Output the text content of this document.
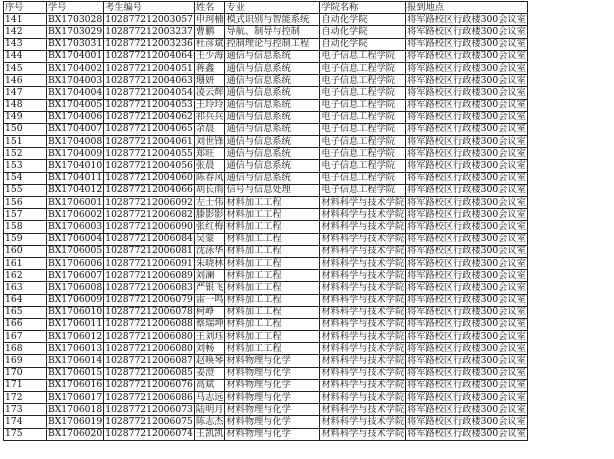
序号	学号	考生编号	姓名	专业	学院名称	报到地点
141	BX1703028	102877212003057	申珂楠	模式识别与智能系统	自动化学院	将军路校区行政楼300会议室
142	BX1703029	102877212003237	曹鹏	导航、制导与控制	自动化学院	将军路校区行政楼300会议室
143	BX1703031	102877212003236	杜彦斌	控制理论与控制工程	自动化学院	将军路校区行政楼300会议室
144	BX1704001	102877212004064	王少海	通信与信息系统	电子信息工程学院	将军路校区行政楼300会议室
145	BX1704002	102877212004051	蒋鑫	通信与信息系统	电子信息工程学院	将军路校区行政楼300会议室
146	BX1704003	102877212004063	珊妍	通信与信息系统	电子信息工程学院	将军路校区行政楼300会议室
147	BX1704004	102877212004054	凌云辉	通信与信息系统	电子信息工程学院	将军路校区行政楼300会议室
148	BX1704005	102877212004053	王玲玲	通信与信息系统	电子信息工程学院	将军路校区行政楼300会议室
149	BX1704006	102877212004062	祁兵兵	通信与信息系统	电子信息工程学院	将军路校区行政楼300会议室
150	BX1704007	102877212004065	余晨	通信与信息系统	电子信息工程学院	将军路校区行政楼300会议室
151	BX1704008	102877212004061	刘世锋	通信与信息系统	电子信息工程学院	将军路校区行政楼300会议室
152	BX1704009	102877212004055	郑旺	通信与信息系统	电子信息工程学院	将军路校区行政楼300会议室
153	BX1704010	102877212004056	张晨	通信与信息系统	电子信息工程学院	将军路校区行政楼300会议室
154	BX1704011	102877212004060	陈春风	通信与信息系统	电子信息工程学院	将军路校区行政楼300会议室
155	BX1704012	102877212004066	胡长雨	信号与信息处理	电子信息工程学院	将军路校区行政楼300会议室
156	BX1706001	102877212006092	左士伟	材料加工工程	材料科学与技术学院	将军路校区行政楼300会议室
157	BX1706002	102877212006082	滕影影	材料加工工程	材料科学与技术学院	将军路校区行政楼300会议室
158	BX1706003	102877212006090	张红梅	材料加工工程	材料科学与技术学院	将军路校区行政楼300会议室
159	BX1706004	102877212006084	吴蒙	材料加工工程	材料科学与技术学院	将军路校区行政楼300会议室
160	BX1706005	102877212006081	沈泳华	材料加工工程	材料科学与技术学院	将军路校区行政楼300会议室
161	BX1706006	102877212006091	朱晓林	材料加工工程	材料科学与技术学院	将军路校区行政楼300会议室
162	BX1706007	102877212006089	刘澜	材料加工工程	材料科学与技术学院	将军路校区行政楼300会议室
163	BX1706008	102877212006083	严银飞	材料加工工程	材料科学与技术学院	将军路校区行政楼300会议室
164	BX1706009	102877212006079	雷一鸣	材料加工工程	材料科学与技术学院	将军路校区行政楼300会议室
165	BX1706010	102877212006078	柯峥	材料加工工程	材料科学与技术学院	将军路校区行政楼300会议室
166	BX1706011	102877212006088	蔡瑞坤	材料加工工程	材料科学与技术学院	将军路校区行政楼300会议室
167	BX1706012	102877212006080	王刘珏	材料加工工程	材料科学与技术学院	将军路校区行政楼300会议室
168	BX1706013	102877212006080	刘畅	材料加工工程	材料科学与技术学院	将军路校区行政楼300会议室
169	BX1706014	102877212006087	赵唤琴	材料物理与化学	材料科学与技术学院	将军路校区行政楼300会议室
170	BX1706015	102877212006085	姜澄	材料物理与化学	材料科学与技术学院	将军路校区行政楼300会议室
171	BX1706016	102877212006076	高斌	材料物理与化学	材料科学与技术学院	将军路校区行政楼300会议室
172	BX1706017	102877212006086	马志远	材料物理与化学	材料科学与技术学院	将军路校区行政楼300会议室
173	BX1706018	102877212006073	陆明月	材料物理与化学	材料科学与技术学院	将军路校区行政楼300会议室
174	BX1706019	102877212006075	陈志杰	材料物理与化学	材料科学与技术学院	将军路校区行政楼300会议室
175	BX1706020	102877212006074	王凯凯	材料物理与化学	材料科学与技术学院	将军路校区行政楼300会议室
